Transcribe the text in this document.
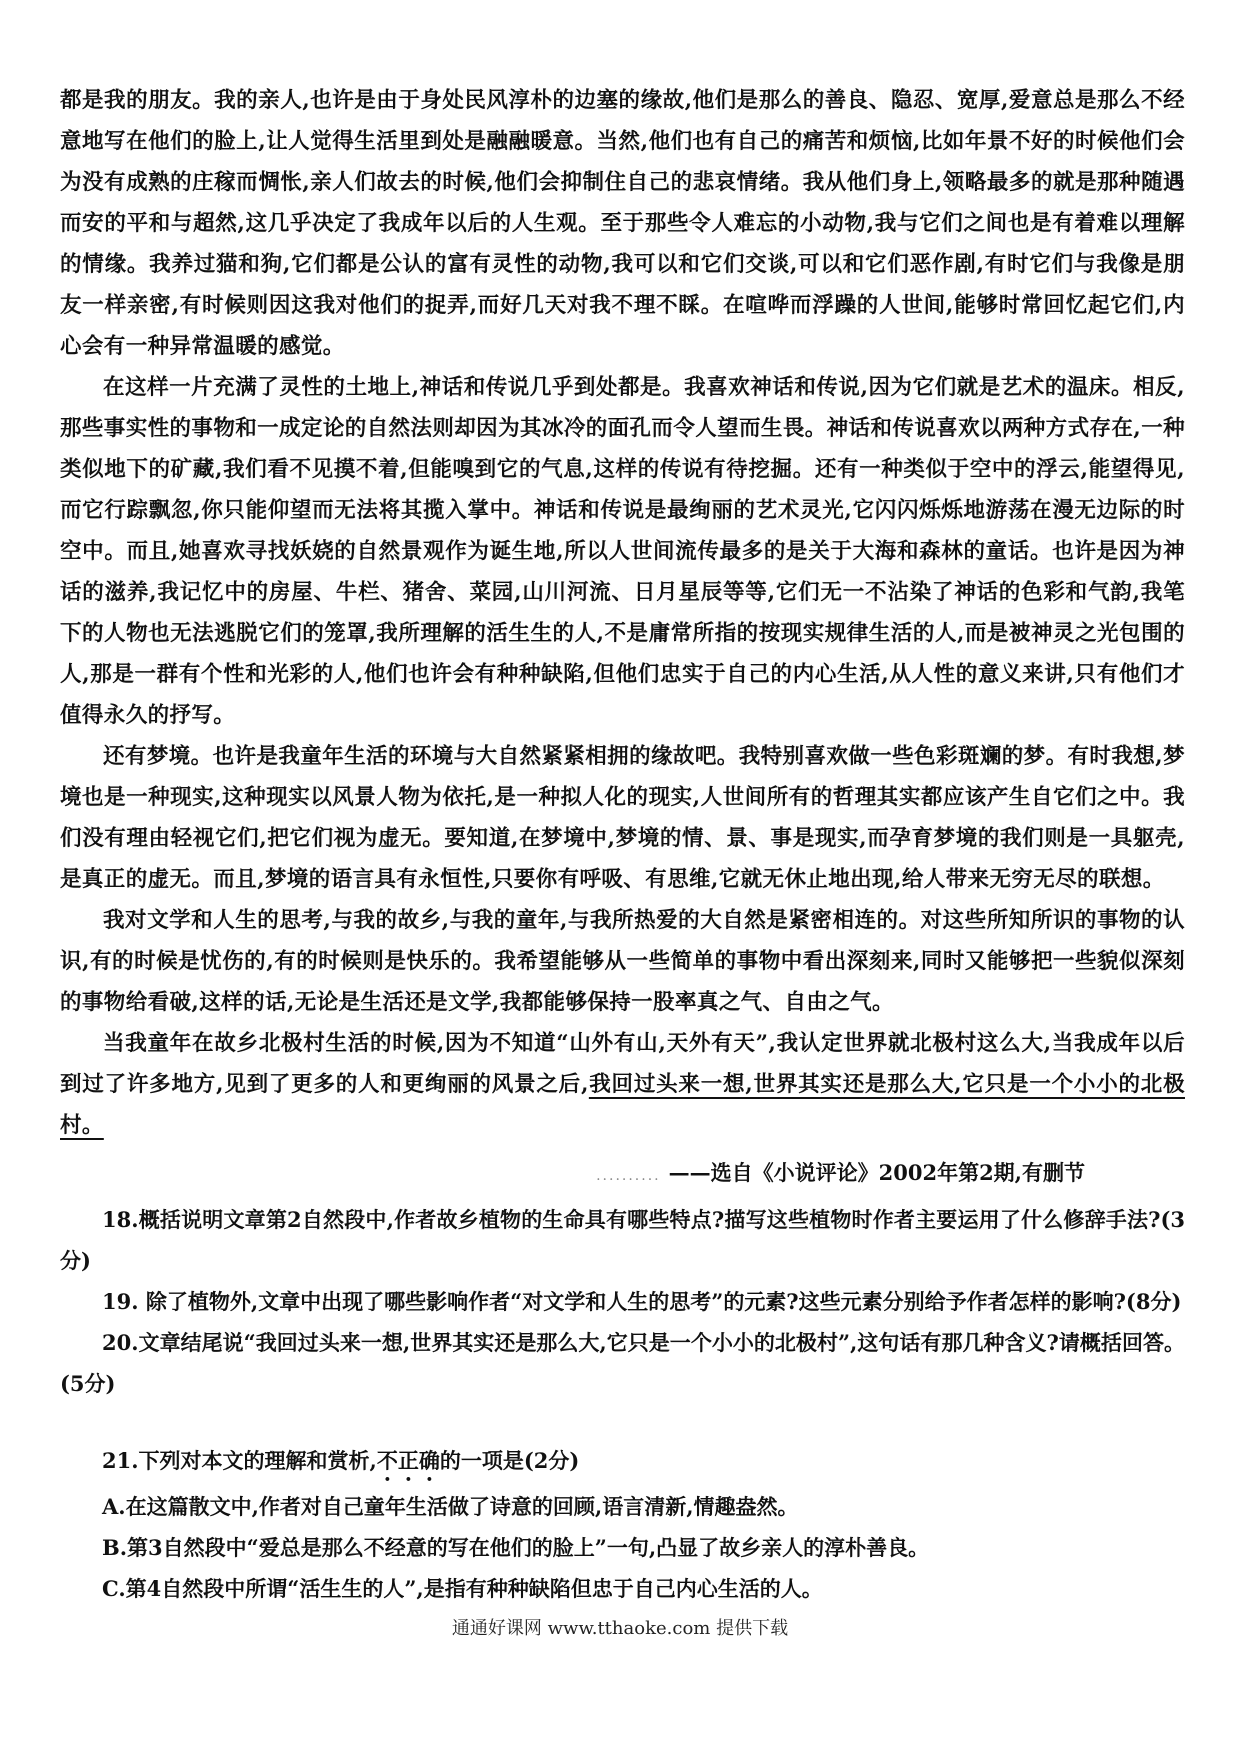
都是我的朋友。我的亲人,也许是由于身处民风淳朴的边塞的缘故,他们是那么的善良、隐忍、宽厚,爱意总是那么不经意地写在他们的脸上,让人觉得生活里到处是融融暖意。当然,他们也有自己的痛苦和烦恼,比如年景不好的时候他们会为没有成熟的庄稼而惆怅,亲人们故去的时候,他们会抑制住自己的悲哀情绪。我从他们身上,领略最多的就是那种随遇而安的平和与超然,这几乎决定了我成年以后的人生观。至于那些令人难忘的小动物,我与它们之间也是有着难以理解的情缘。我养过猫和狗,它们都是公认的富有灵性的动物,我可以和它们交谈,可以和它们恶作剧,有时它们与我像是朋友一样亲密,有时候则因这我对他们的捉弄,而好几天对我不理不睬。在喧哗而浮躁的人世间,能够时常回忆起它们,内心会有一种异常温暖的感觉。

在这样一片充满了灵性的土地上,神话和传说几乎到处都是。我喜欢神话和传说,因为它们就是艺术的温床。相反,那些事实性的事物和一成定论的自然法则却因为其冰冷的面孔而令人望而生畏。神话和传说喜欢以两种方式存在,一种类似地下的矿藏,我们看不见摸不着,但能嗅到它的气息,这样的传说有待挖掘。还有一种类似于空中的浮云,能望得见,而它行踪飘忽,你只能仰望而无法将其揽入掌中。神话和传说是最绚丽的艺术灵光,它闪闪烁烁地游荡在漫无边际的时空中。而且,她喜欢寻找妖娆的自然景观作为诞生地,所以人世间流传最多的是关于大海和森林的童话。也许是因为神话的滋养,我记忆中的房屋、牛栏、猪舍、菜园,山川河流、日月星辰等等,它们无一不沾染了神话的色彩和气韵,我笔下的人物也无法逃脱它们的笼罩,我所理解的活生生的人,不是庸常所指的按现实规律生活的人,而是被神灵之光包围的人,那是一群有个性和光彩的人,他们也许会有种种缺陷,但他们忠实于自己的内心生活,从人性的意义来讲,只有他们才值得永久的抒写。

还有梦境。也许是我童年生活的环境与大自然紧紧相拥的缘故吧。我特别喜欢做一些色彩斑斓的梦。有时我想,梦境也是一种现实,这种现实以风景人物为依托,是一种拟人化的现实,人世间所有的哲理其实都应该产生自它们之中。我们没有理由轻视它们,把它们视为虚无。要知道,在梦境中,梦境的情、景、事是现实,而孕育梦境的我们则是一具躯壳,是真正的虚无。而且,梦境的语言具有永恒性,只要你有呼吸、有思维,它就无休止地出现,给人带来无穷无尽的联想。

我对文学和人生的思考,与我的故乡,与我的童年,与我所热爱的大自然是紧密相连的。对这些所知所识的事物的认识,有的时候是忧伤的,有的时候则是快乐的。我希望能够从一些简单的事物中看出深刻来,同时又能够把一些貌似深刻的事物给看破,这样的话,无论是生活还是文学,我都能够保持一股率真之气、自由之气。

当我童年在故乡北极村生活的时候,因为不知道“山外有山,天外有天”,我认定世界就北极村这么大,当我成年以后到过了许多地方,见到了更多的人和更绚丽的风景之后,我回过头来一想,世界其实还是那么大,它只是一个小小的北极村。

.......... ——选自《小说评论》2002年第2期,有删节

18.概括说明文章第2自然段中,作者故乡植物的生命具有哪些特点?描写这些植物时作者主要运用了什么修辞手法?(3分)

19. 除了植物外,文章中出现了哪些影响作者“对文学和人生的思考”的元素?这些元素分别给予作者怎样的影响?(8分)

20.文章结尾说“我回过头来一想,世界其实还是那么大,它只是一个小小的北极村”,这句话有那几种含义?请概括回答。(5分)

21.下列对本文的理解和赏析,不正确的一项是(2分)

A.在这篇散文中,作者对自己童年生活做了诗意的回顾,语言清新,情趣盎然。

B.第3自然段中“爱总是那么不经意的写在他们的脸上”一句,凸显了故乡亲人的淳朴善良。

C.第4自然段中所谓“活生生的人”,是指有种种缺陷但忠于自己内心生活的人。

通通好课网 www.tthaoke.com 提供下载
